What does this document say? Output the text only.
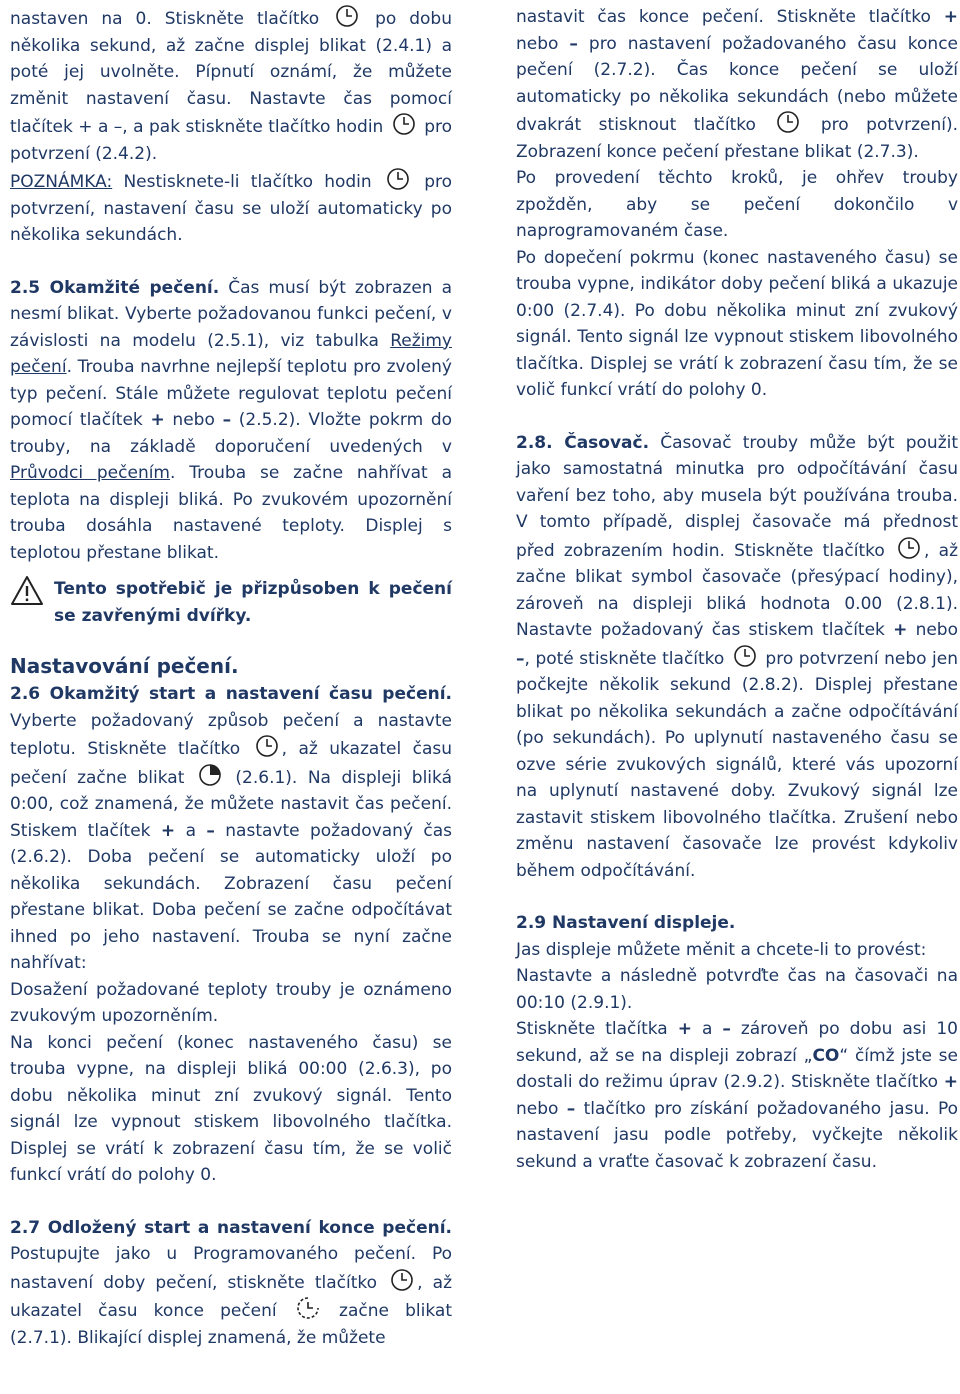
nastaven na 0. Stiskněte tlačítko	po dobu několika sekund, až začne displej blikat (2.4.1) a poté jej uvolněte. Pípnutí oznámí, že můžete změnit nastavení času. Nastavte čas pomocí tlačítek + a –, a pak stiskněte tlačítko hodin pro potvrzení (2.4.2).

POZNÁMKA: Nestisknete-li tlačítko hodin	pro potvrzení, nastavení času se uloží automaticky po několika sekundách.

2.5 Okamžité pečení. Čas musí být zobrazen a nesmí blikat. Vyberte požadovanou funkci pečení, v závislosti na modelu (2.5.1), viz tabulka Režimy pečení. Trouba navrhne nejlepší teplotu pro zvolený typ pečení. Stále můžete regulovat teplotu pečení pomocí tlačítek + nebo – (2.5.2). Vložte pokrm do trouby, na základě doporučení uvedených v Průvodci pečením. Trouba se začne nahřívat a teplota na displeji bliká. Po zvukovém upozornění trouba dosáhla nastavené teploty. Displej s teplotou přestane blikat.

Tento spotřebič je přizpůsoben k pečení se zavřenými dvířky.

Nastavování pečení.

2.6 Okamžitý start a nastavení času pečení. Vyberte požadovaný způsob pečení a nastavte teplotu. Stiskněte tlačítko , až ukazatel času pečení začne blikat	(2.6.1). Na displeji bliká 0:00, což znamená, že můžete nastavit čas pečení. Stiskem tlačítek + a – nastavte požadovaný čas (2.6.2). Doba pečení se automaticky uloží po několika sekundách. Zobrazení času pečení přestane blikat. Doba pečení se začne odpočítávat ihned po jeho nastavení. Trouba se nyní začne nahřívat:

Dosažení požadované teploty trouby je oznámeno zvukovým upozorněním.

Na konci pečení (konec nastaveného času) se trouba vypne, na displeji bliká 00:00 (2.6.3), po dobu několika minut zní zvukový signál. Tento signál lze vypnout stiskem libovolného tlačítka. Displej se vrátí k zobrazení času tím, že se volič funkcí vrátí do polohy 0.

2.7 Odložený start a nastavení konce pečení. Postupujte jako u Programovaného pečení. Po nastavení doby pečení, stiskněte tlačítko , až ukazatel času konce pečení	začne blikat (2.7.1). Blikající displej znamená, že můžete

nastavit čas konce pečení. Stiskněte tlačítko + nebo – pro nastavení požadovaného času konce pečení (2.7.2). Čas konce pečení se uloží automaticky po několika sekundách (nebo můžete dvakrát stisknout tlačítko	pro potvrzení). Zobrazení konce pečení přestane blikat (2.7.3).

Po provedení těchto kroků, je ohřev trouby zpožděn, aby se pečení dokončilo v naprogramovaném čase.

Po dopečení pokrmu (konec nastaveného času) se trouba vypne, indikátor doby pečení bliká a ukazuje 0:00 (2.7.4). Po dobu několika minut zní zvukový signál. Tento signál lze vypnout stiskem libovolného tlačítka. Displej se vrátí k zobrazení času tím, že se volič funkcí vrátí do polohy 0.

2.8. Časovač. Časovač trouby může být použit jako samostatná minutka pro odpočítávání času vaření bez toho, aby musela být používána trouba. V tomto případě, displej časovače má přednost před zobrazením hodin. Stiskněte tlačítko , až začne blikat symbol časovače (přesýpací hodiny), zároveň na displeji bliká hodnota 0.00 (2.8.1). Nastavte požadovaný čas stiskem tlačítek + nebo –, poté stiskněte tlačítko pro potvrzení nebo jen počkejte několik sekund (2.8.2). Displej přestane blikat po několika sekundách a začne odpočítávání (po sekundách). Po uplynutí nastaveného času se ozve série zvukových signálů, které vás upozorní na uplynutí nastavené doby. Zvukový signál lze zastavit stiskem libovolného tlačítka. Zrušení nebo změnu nastavení časovače lze provést kdykoliv během odpočítávání.

2.9 Nastavení displeje.

Jas displeje můžete měnit a chcete-li to provést:

Nastavte a následně potvrďte čas na časovači na 00:10 (2.9.1).

Stiskněte tlačítka + a – zároveň po dobu asi 10 sekund, až se na displeji zobrazí „CO“ čímž jste se dostali do režimu úprav (2.9.2). Stiskněte tlačítko + nebo – tlačítko pro získání požadovaného jasu. Po nastavení jasu podle potřeby, vyčkejte několik sekund a vraťte časovač k zobrazení času.
